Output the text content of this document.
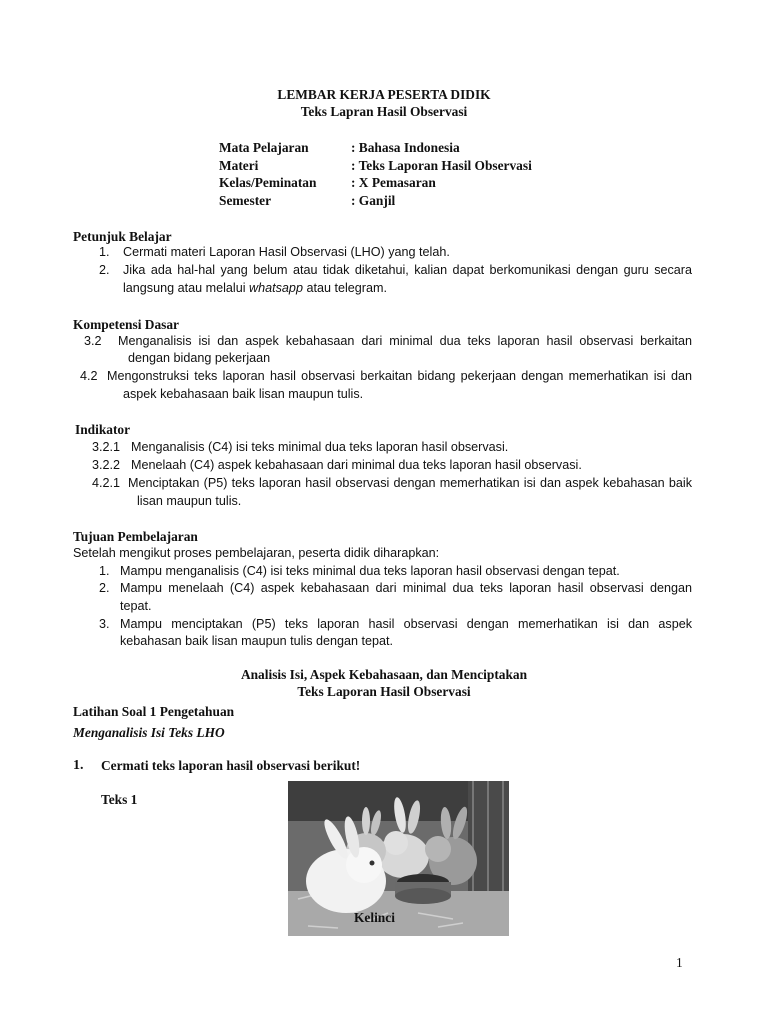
LEMBAR KERJA PESERTA DIDIK
Teks Lapran Hasil Observasi
Mata Pelajaran	: Bahasa Indonesia
Materi	: Teks Laporan Hasil Observasi
Kelas/Peminatan	: X Pemasaran
Semester	: Ganjil
Petunjuk Belajar
1. Cermati materi Laporan Hasil Observasi (LHO) yang telah.
2. Jika ada hal-hal yang belum atau tidak diketahui, kalian dapat berkomunikasi dengan guru secara
langsung atau melalui whatsapp atau telegram.
Kompetensi Dasar
3.2 Menganalisis isi dan aspek kebahasaan dari minimal dua teks laporan hasil observasi berkaitan
dengan bidang pekerjaan
4.2 Mengonstruksi teks laporan hasil observasi berkaitan bidang pekerjaan dengan memerhatikan isi dan
aspek kebahasaan baik lisan maupun tulis.
Indikator
3.2.1 Menganalisis (C4) isi teks minimal dua teks laporan hasil observasi.
3.2.2 Menelaah (C4) aspek kebahasaan dari minimal dua teks laporan hasil observasi.
4.2.1 Menciptakan (P5) teks laporan hasil observasi dengan memerhatikan isi dan aspek kebahasan baik
lisan maupun tulis.
Tujuan Pembelajaran
Setelah mengikut proses pembelajaran, peserta didik diharapkan:
1. Mampu menganalisis (C4) isi teks minimal dua teks laporan hasil observasi dengan tepat.
2. Mampu menelaah (C4) aspek kebahasaan dari minimal dua teks laporan hasil observasi dengan
tepat.
3. Mampu menciptakan (P5) teks laporan hasil observasi dengan memerhatikan isi dan aspek
kebahasan baik lisan maupun tulis dengan tepat.
Analisis Isi, Aspek Kebahasaan, dan Menciptakan
Teks Laporan Hasil Observasi
Latihan Soal 1 Pengetahuan
Menganalisis Isi Teks LHO
1. Cermati teks laporan hasil observasi berikut!
Teks 1
Kelinci
1
